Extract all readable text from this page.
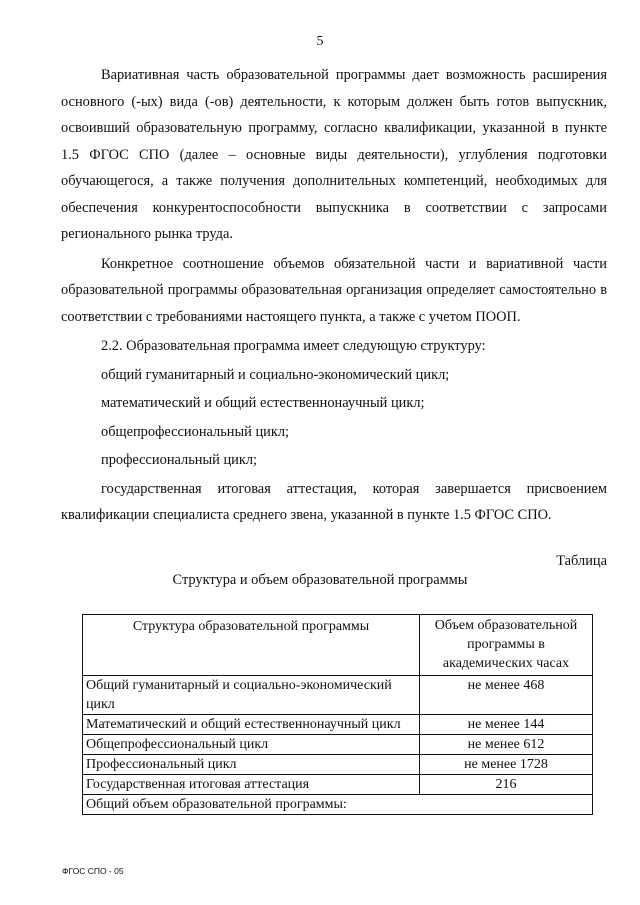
5

Вариативная часть образовательной программы дает возможность расширения основного (-ых) вида (-ов) деятельности, к которым должен быть готов выпускник, освоивший образовательную программу, согласно квалификации, указанной в пункте 1.5 ФГОС СПО (далее – основные виды деятельности), углубления подготовки обучающегося, а также получения дополнительных компетенций, необходимых для обеспечения конкурентоспособности выпускника в соответствии с запросами регионального рынка труда.

Конкретное соотношение объемов обязательной части и вариативной части образовательной программы образовательная организация определяет самостоятельно в соответствии с требованиями настоящего пункта, а также с учетом ПООП.

2.2. Образовательная программа имеет следующую структуру:

общий гуманитарный и социально-экономический цикл;

математический и общий естественнонаучный цикл;

общепрофессиональный цикл;

профессиональный цикл;

государственная итоговая аттестация, которая завершается присвоением квалификации специалиста среднего звена, указанной в пункте 1.5 ФГОС СПО.

Таблица
Структура и объем образовательной программы
Структура образовательной программы	Объем образовательной программы в академических часах
Общий гуманитарный и социально-экономический цикл	не менее 468
Математический и общий естественнонаучный цикл	не менее 144
Общепрофессиональный цикл	не менее 612
Профессиональный цикл	не менее 1728
Государственная итоговая аттестация	216
Общий объем образовательной программы:	
ФГОС СПО - 05
